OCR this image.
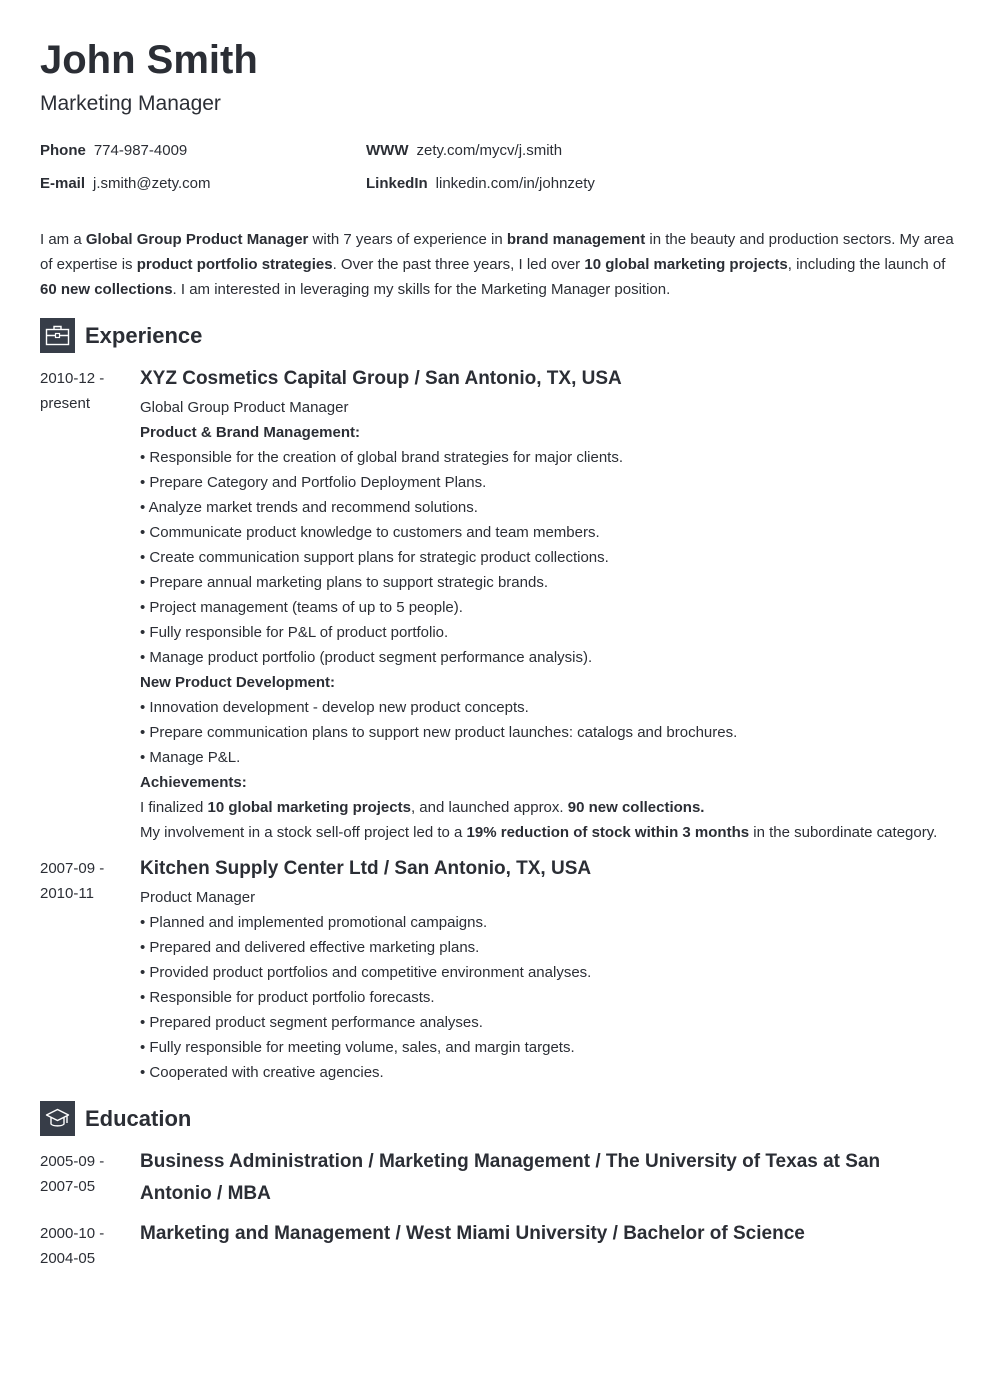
John Smith
Marketing Manager
Phone 774-987-4009	WWW zety.com/mycv/j.smith
E-mail j.smith@zety.com	LinkedIn linkedin.com/in/johnzety
I am a Global Group Product Manager with 7 years of experience in brand management in the beauty and production sectors. My area of expertise is product portfolio strategies. Over the past three years, I led over 10 global marketing projects, including the launch of 60 new collections. I am interested in leveraging my skills for the Marketing Manager position.
Experience
2010-12 -
present
XYZ Cosmetics Capital Group / San Antonio, TX, USA
Global Group Product Manager
Product & Brand Management:
• Responsible for the creation of global brand strategies for major clients.
• Prepare Category and Portfolio Deployment Plans.
• Analyze market trends and recommend solutions.
• Communicate product knowledge to customers and team members.
• Create communication support plans for strategic product collections.
• Prepare annual marketing plans to support strategic brands.
• Project management (teams of up to 5 people).
• Fully responsible for P&L of product portfolio.
• Manage product portfolio (product segment performance analysis).
New Product Development:
• Innovation development - develop new product concepts.
• Prepare communication plans to support new product launches: catalogs and brochures.
• Manage P&L.
Achievements:
I finalized 10 global marketing projects, and launched approx. 90 new collections.
My involvement in a stock sell-off project led to a 19% reduction of stock within 3 months in the subordinate category.
2007-09 -
2010-11
Kitchen Supply Center Ltd / San Antonio, TX, USA
Product Manager
• Planned and implemented promotional campaigns.
• Prepared and delivered effective marketing plans.
• Provided product portfolios and competitive environment analyses.
• Responsible for product portfolio forecasts.
• Prepared product segment performance analyses.
• Fully responsible for meeting volume, sales, and margin targets.
• Cooperated with creative agencies.
Education
2005-09 -
2007-05
Business Administration / Marketing Management / The University of Texas at San Antonio / MBA
2000-10 -
2004-05
Marketing and Management / West Miami University / Bachelor of Science
